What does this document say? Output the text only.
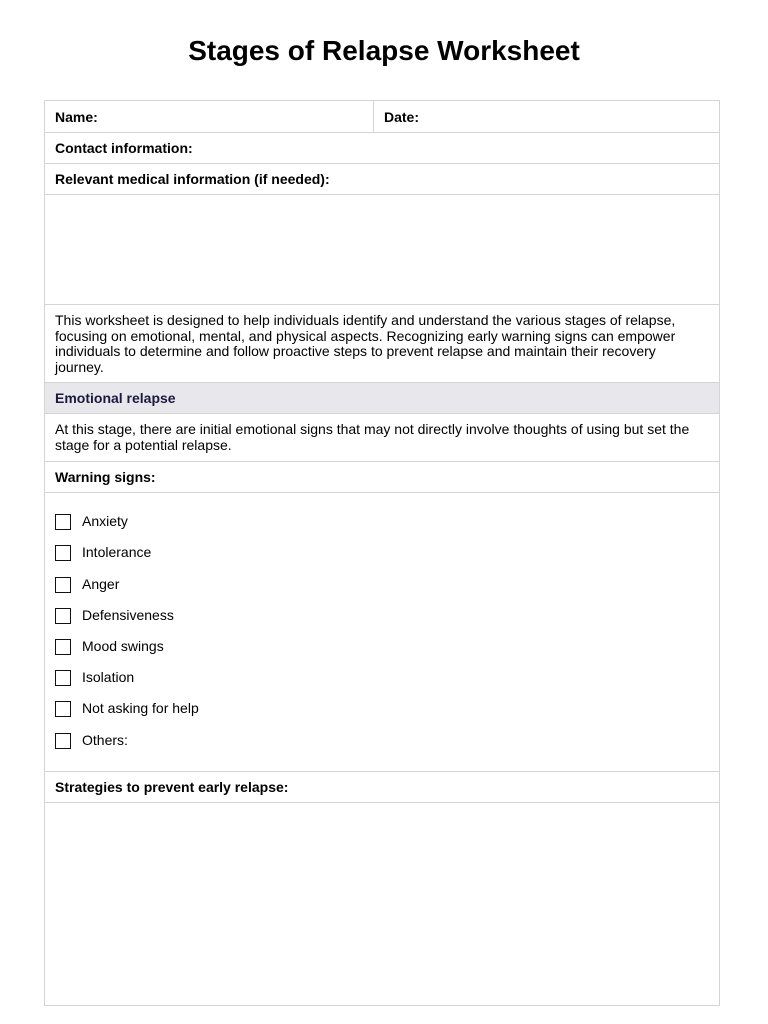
Stages of Relapse Worksheet
Name:	Date:
Contact information:
Relevant medical information (if needed):

This worksheet is designed to help individuals identify and understand the various stages of relapse, focusing on emotional, mental, and physical aspects. Recognizing early warning signs can empower individuals to determine and follow proactive steps to prevent relapse and maintain their recovery journey.

Emotional relapse

At this stage, there are initial emotional signs that may not directly involve thoughts of using but set the stage for a potential relapse.

Warning signs:
Anxiety
Intolerance
Anger
Defensiveness
Mood swings
Isolation
Not asking for help
Others:
Strategies to prevent early relapse:
